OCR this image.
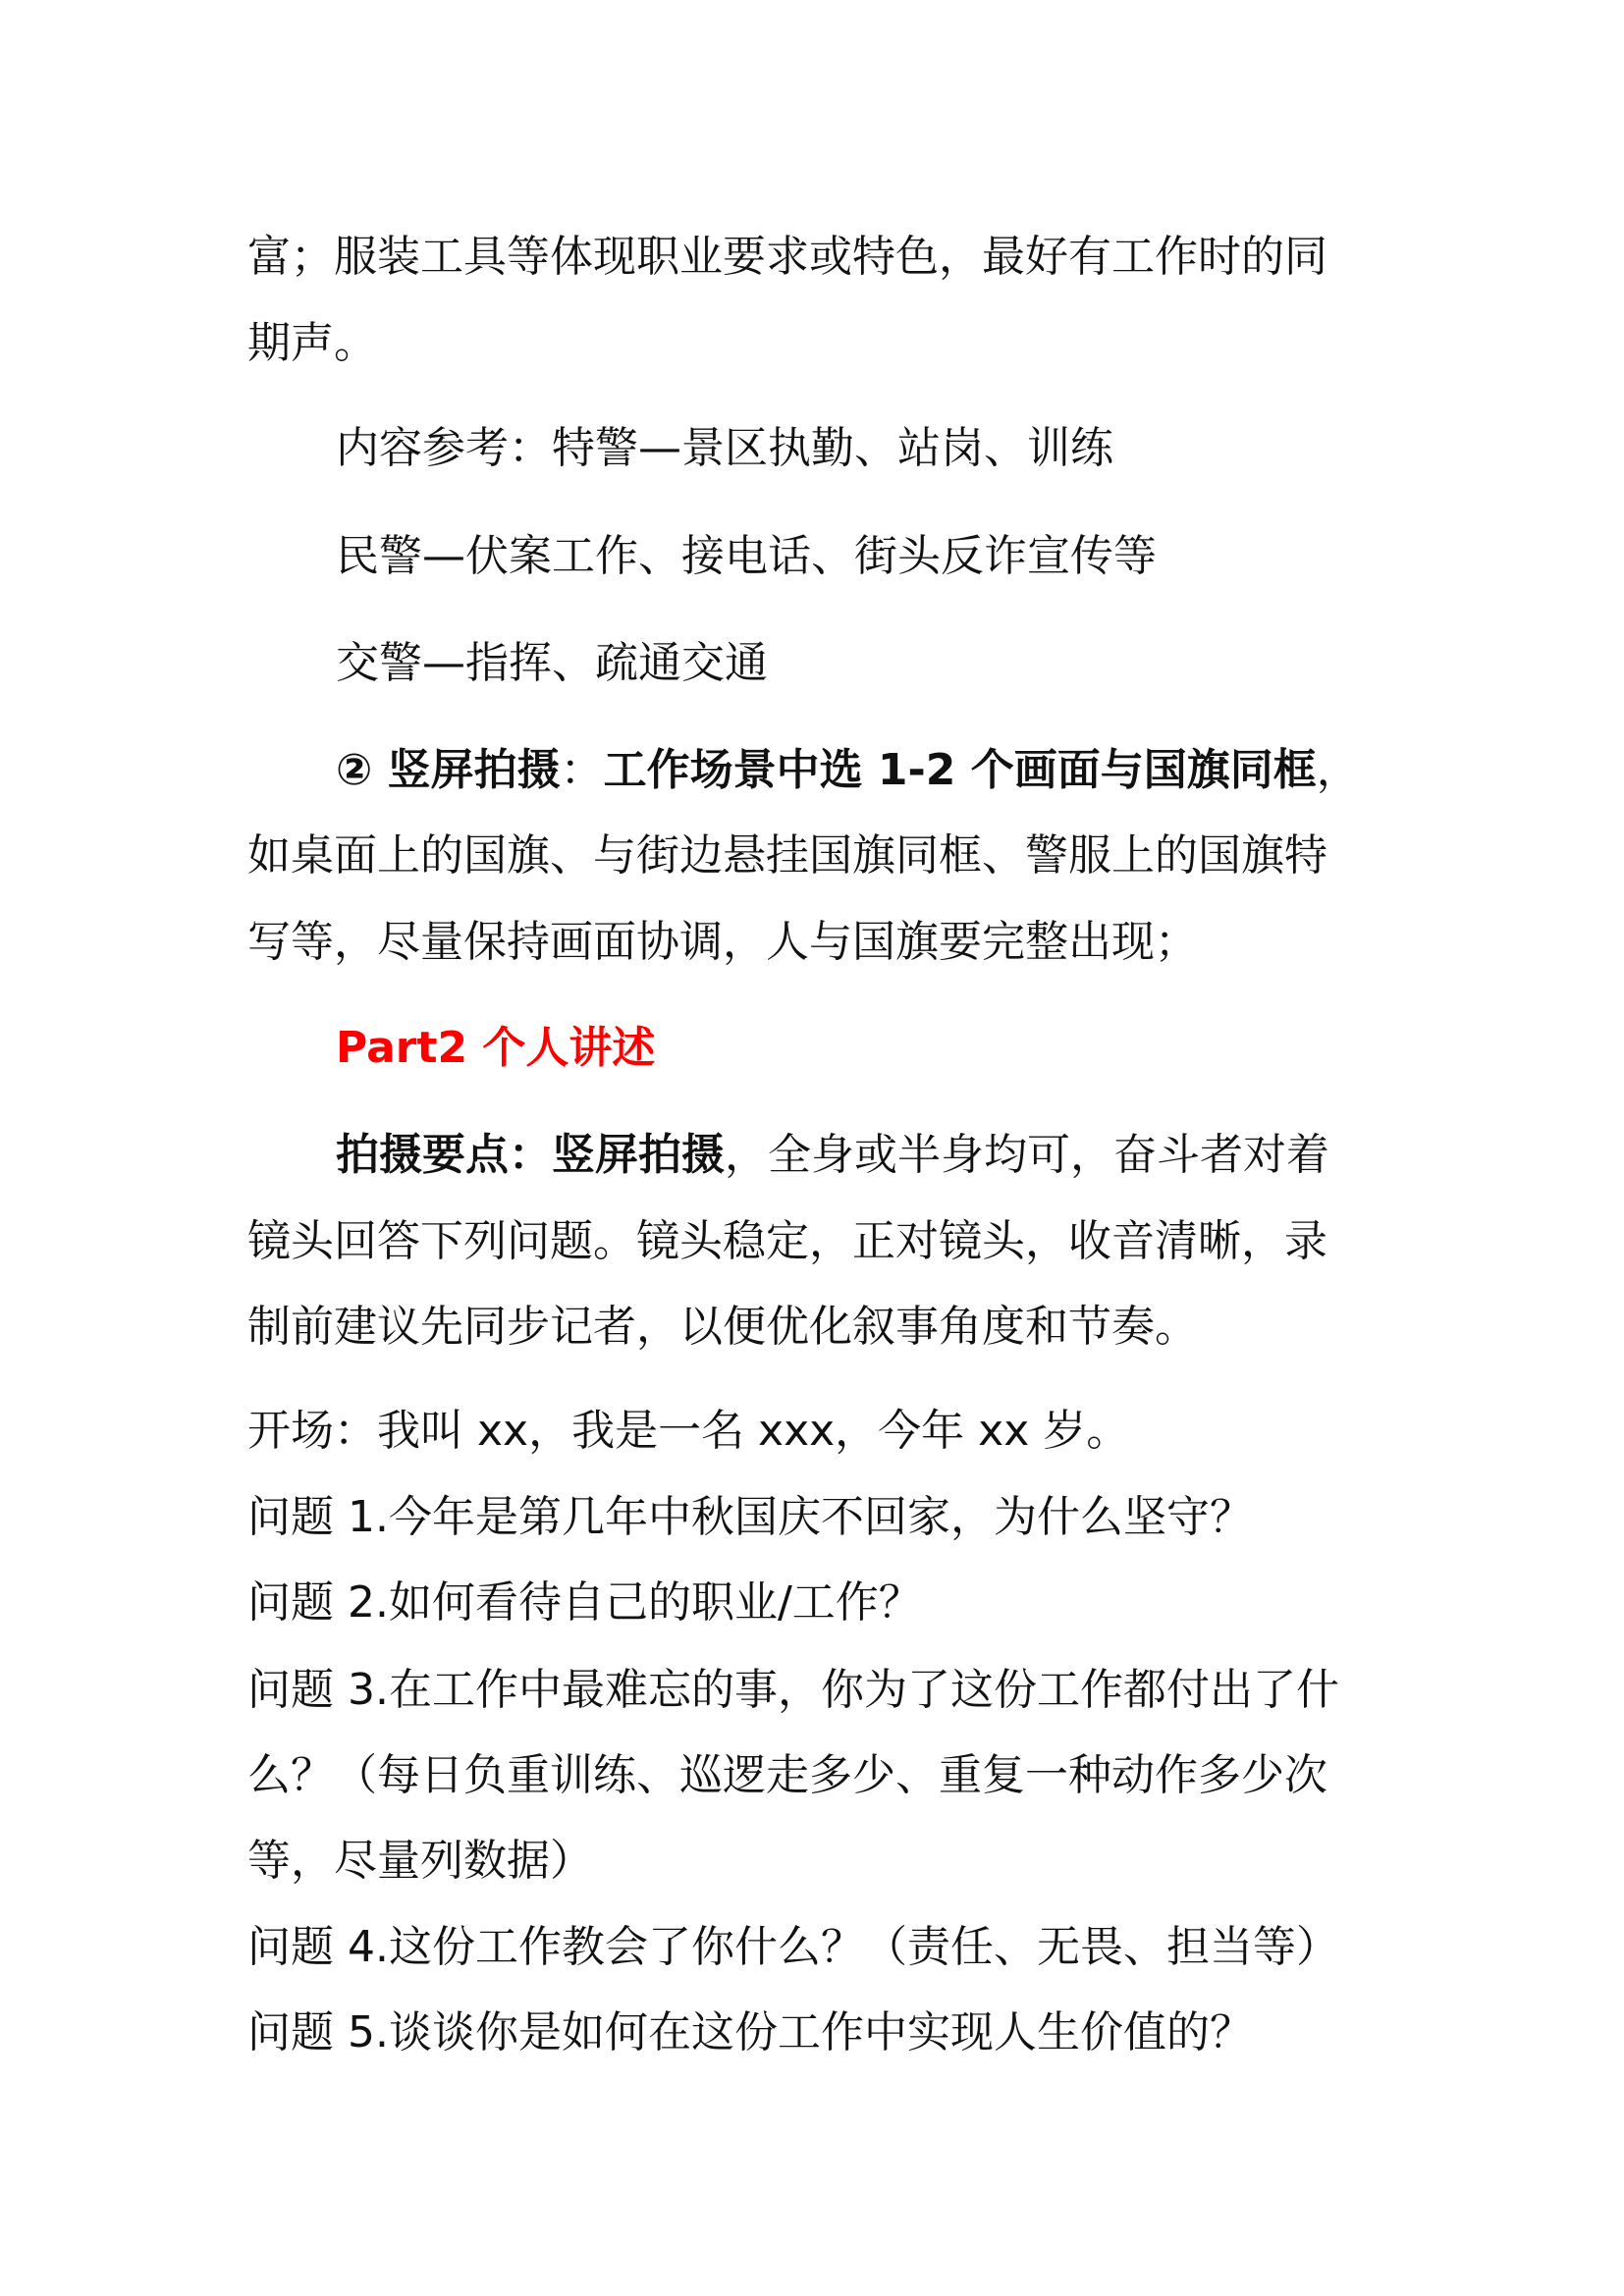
富；服装工具等体现职业要求或特色，最好有工作时的同
期声。
内容参考：特警—景区执勤、站岗、训练
民警—伏案工作、接电话、街头反诈宣传等
交警—指挥、疏通交通
② 竖屏拍摄：工作场景中选 1-2 个画面与国旗同框，
如桌面上的国旗、与街边悬挂国旗同框、警服上的国旗特
写等，尽量保持画面协调，人与国旗要完整出现；
Part2 个人讲述
拍摄要点：竖屏拍摄，全身或半身均可，奋斗者对着
镜头回答下列问题。镜头稳定，正对镜头，收音清晰，录
制前建议先同步记者，以便优化叙事角度和节奏。
开场：我叫 xx，我是一名 xxx，今年 xx 岁。
问题 1.今年是第几年中秋国庆不回家，为什么坚守？
问题 2.如何看待自己的职业/工作？
问题 3.在工作中最难忘的事，你为了这份工作都付出了什
么？（每日负重训练、巡逻走多少、重复一种动作多少次
等，尽量列数据）
问题 4.这份工作教会了你什么？（责任、无畏、担当等）
问题 5.谈谈你是如何在这份工作中实现人生价值的？
